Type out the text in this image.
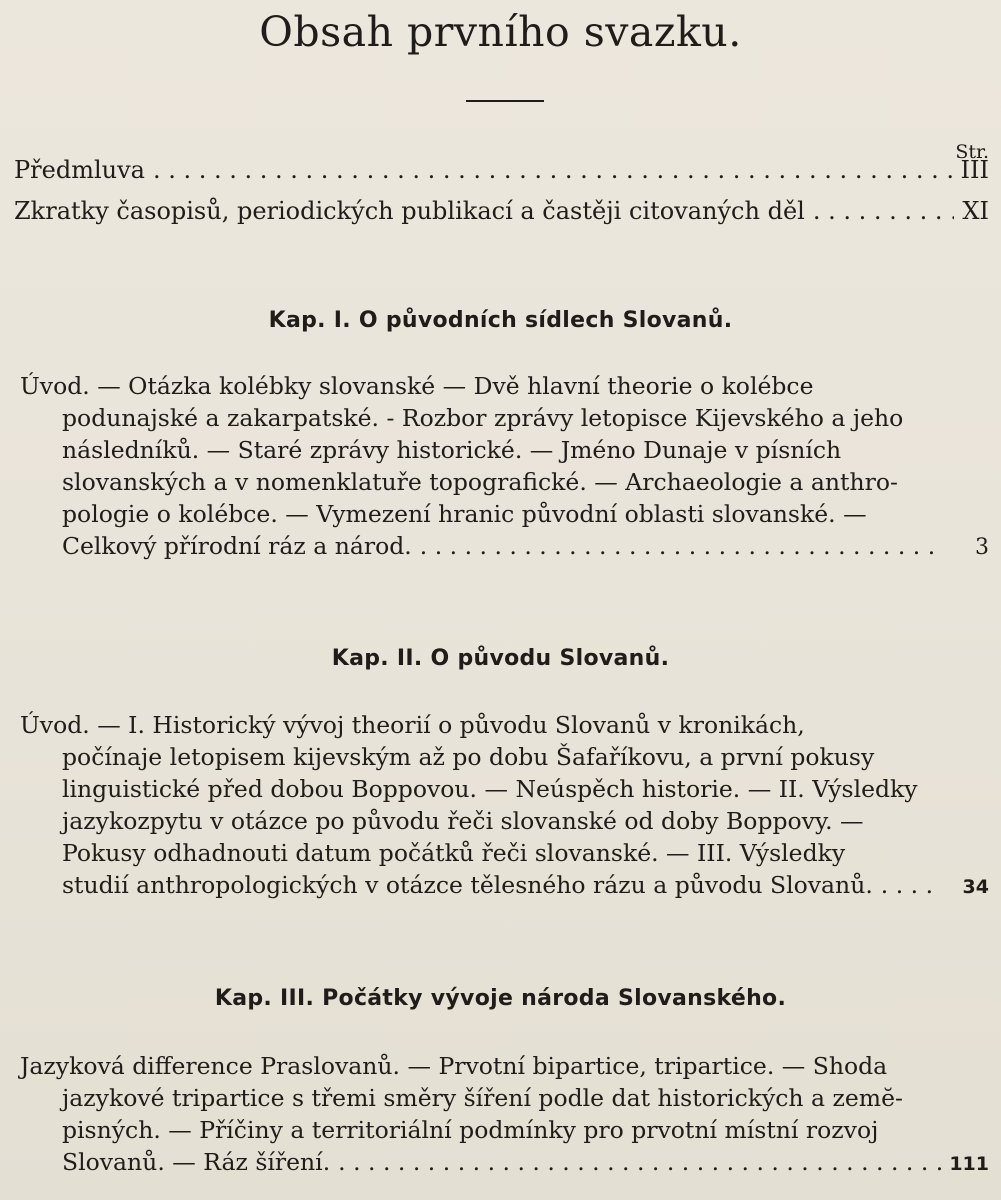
Obsah prvního svazku.
Str.
Předmluva . . .	III
Zkratky časopisů, periodických publikací a častěji citovaných děl . . .	XI
Kap. I. O původních sídlech Slovanů.
Úvod. — Otázka kolébky slovanské — Dvě hlavní theorie o kolébce
podunajské a zakarpatské. - Rozbor zprávy letopisce Kijevského a jeho
následníků. — Staré zprávy historické. — Jméno Dunaje v písních
slovanských a v nomenklatuře topografické. — Archaeologie a anthro-
pologie o kolébce. — Vymezení hranic původní oblasti slovanské. —
Celkový přírodní ráz a národ. . . .	3
Kap. II. O původu Slovanů.
Úvod. — I. Historický vývoj theorií o původu Slovanů v kronikách,
počínaje letopisem kijevským až po dobu Šafaříkovu, a první pokusy
linguistické před dobou Boppovou. — Neúspěch historie. — II. Výsledky
jazykozpytu v otázce po původu řeči slovanské od doby Boppovy. —
Pokusy odhadnouti datum počátků řeči slovanské. — III. Výsledky
studií anthropologických v otázce tělesného rázu a původu Slovanů. . . .	34
Kap. III. Počátky vývoje národa Slovanského.
Jazyková difference Praslovanů. — Prvotní bipartice, tripartice. — Shoda
jazykové tripartice s třemi směry šíření podle dat historických a zemĕ-
pisných. — Příčiny a territoriální podmínky pro prvotní místní rozvoj
Slovanů. — Ráz šíření. . . .	111
